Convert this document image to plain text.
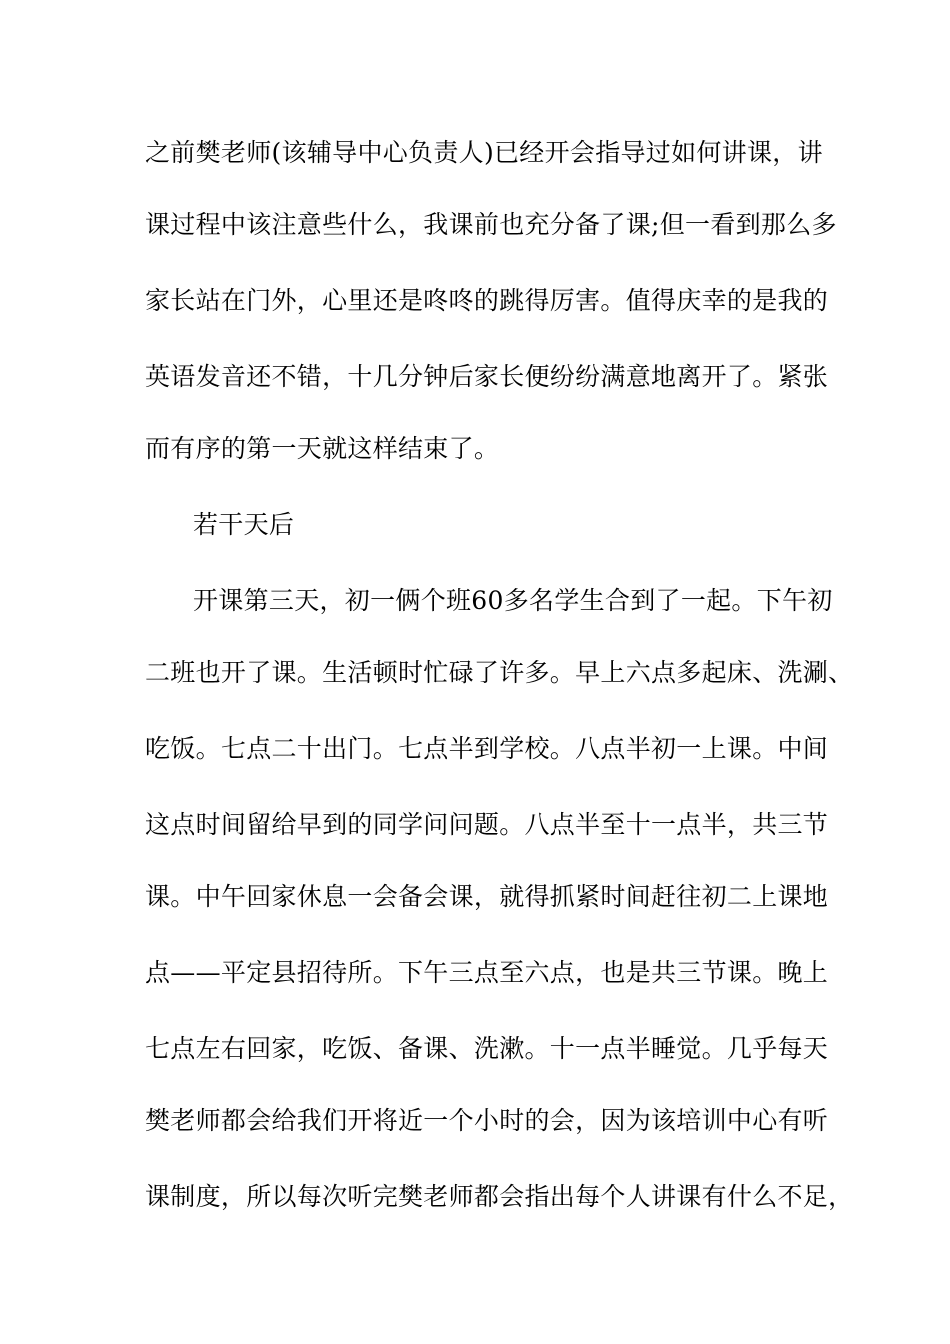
之前樊老师(该辅导中心负责人)已经开会指导过如何讲课，讲
课过程中该注意些什么，我课前也充分备了课;但一看到那么多
家长站在门外，心里还是咚咚的跳得厉害。值得庆幸的是我的
英语发音还不错，十几分钟后家长便纷纷满意地离开了。紧张
而有序的第一天就这样结束了。
若干天后
开课第三天，初一俩个班60多名学生合到了一起。下午初
二班也开了课。生活顿时忙碌了许多。早上六点多起床、洗涮、
吃饭。七点二十出门。七点半到学校。八点半初一上课。中间
这点时间留给早到的同学问问题。八点半至十一点半，共三节
课。中午回家休息一会备会课，就得抓紧时间赶往初二上课地
点——平定县招待所。下午三点至六点，也是共三节课。晚上
七点左右回家，吃饭、备课、洗漱。十一点半睡觉。几乎每天
樊老师都会给我们开将近一个小时的会，因为该培训中心有听
课制度，所以每次听完樊老师都会指出每个人讲课有什么不足，
